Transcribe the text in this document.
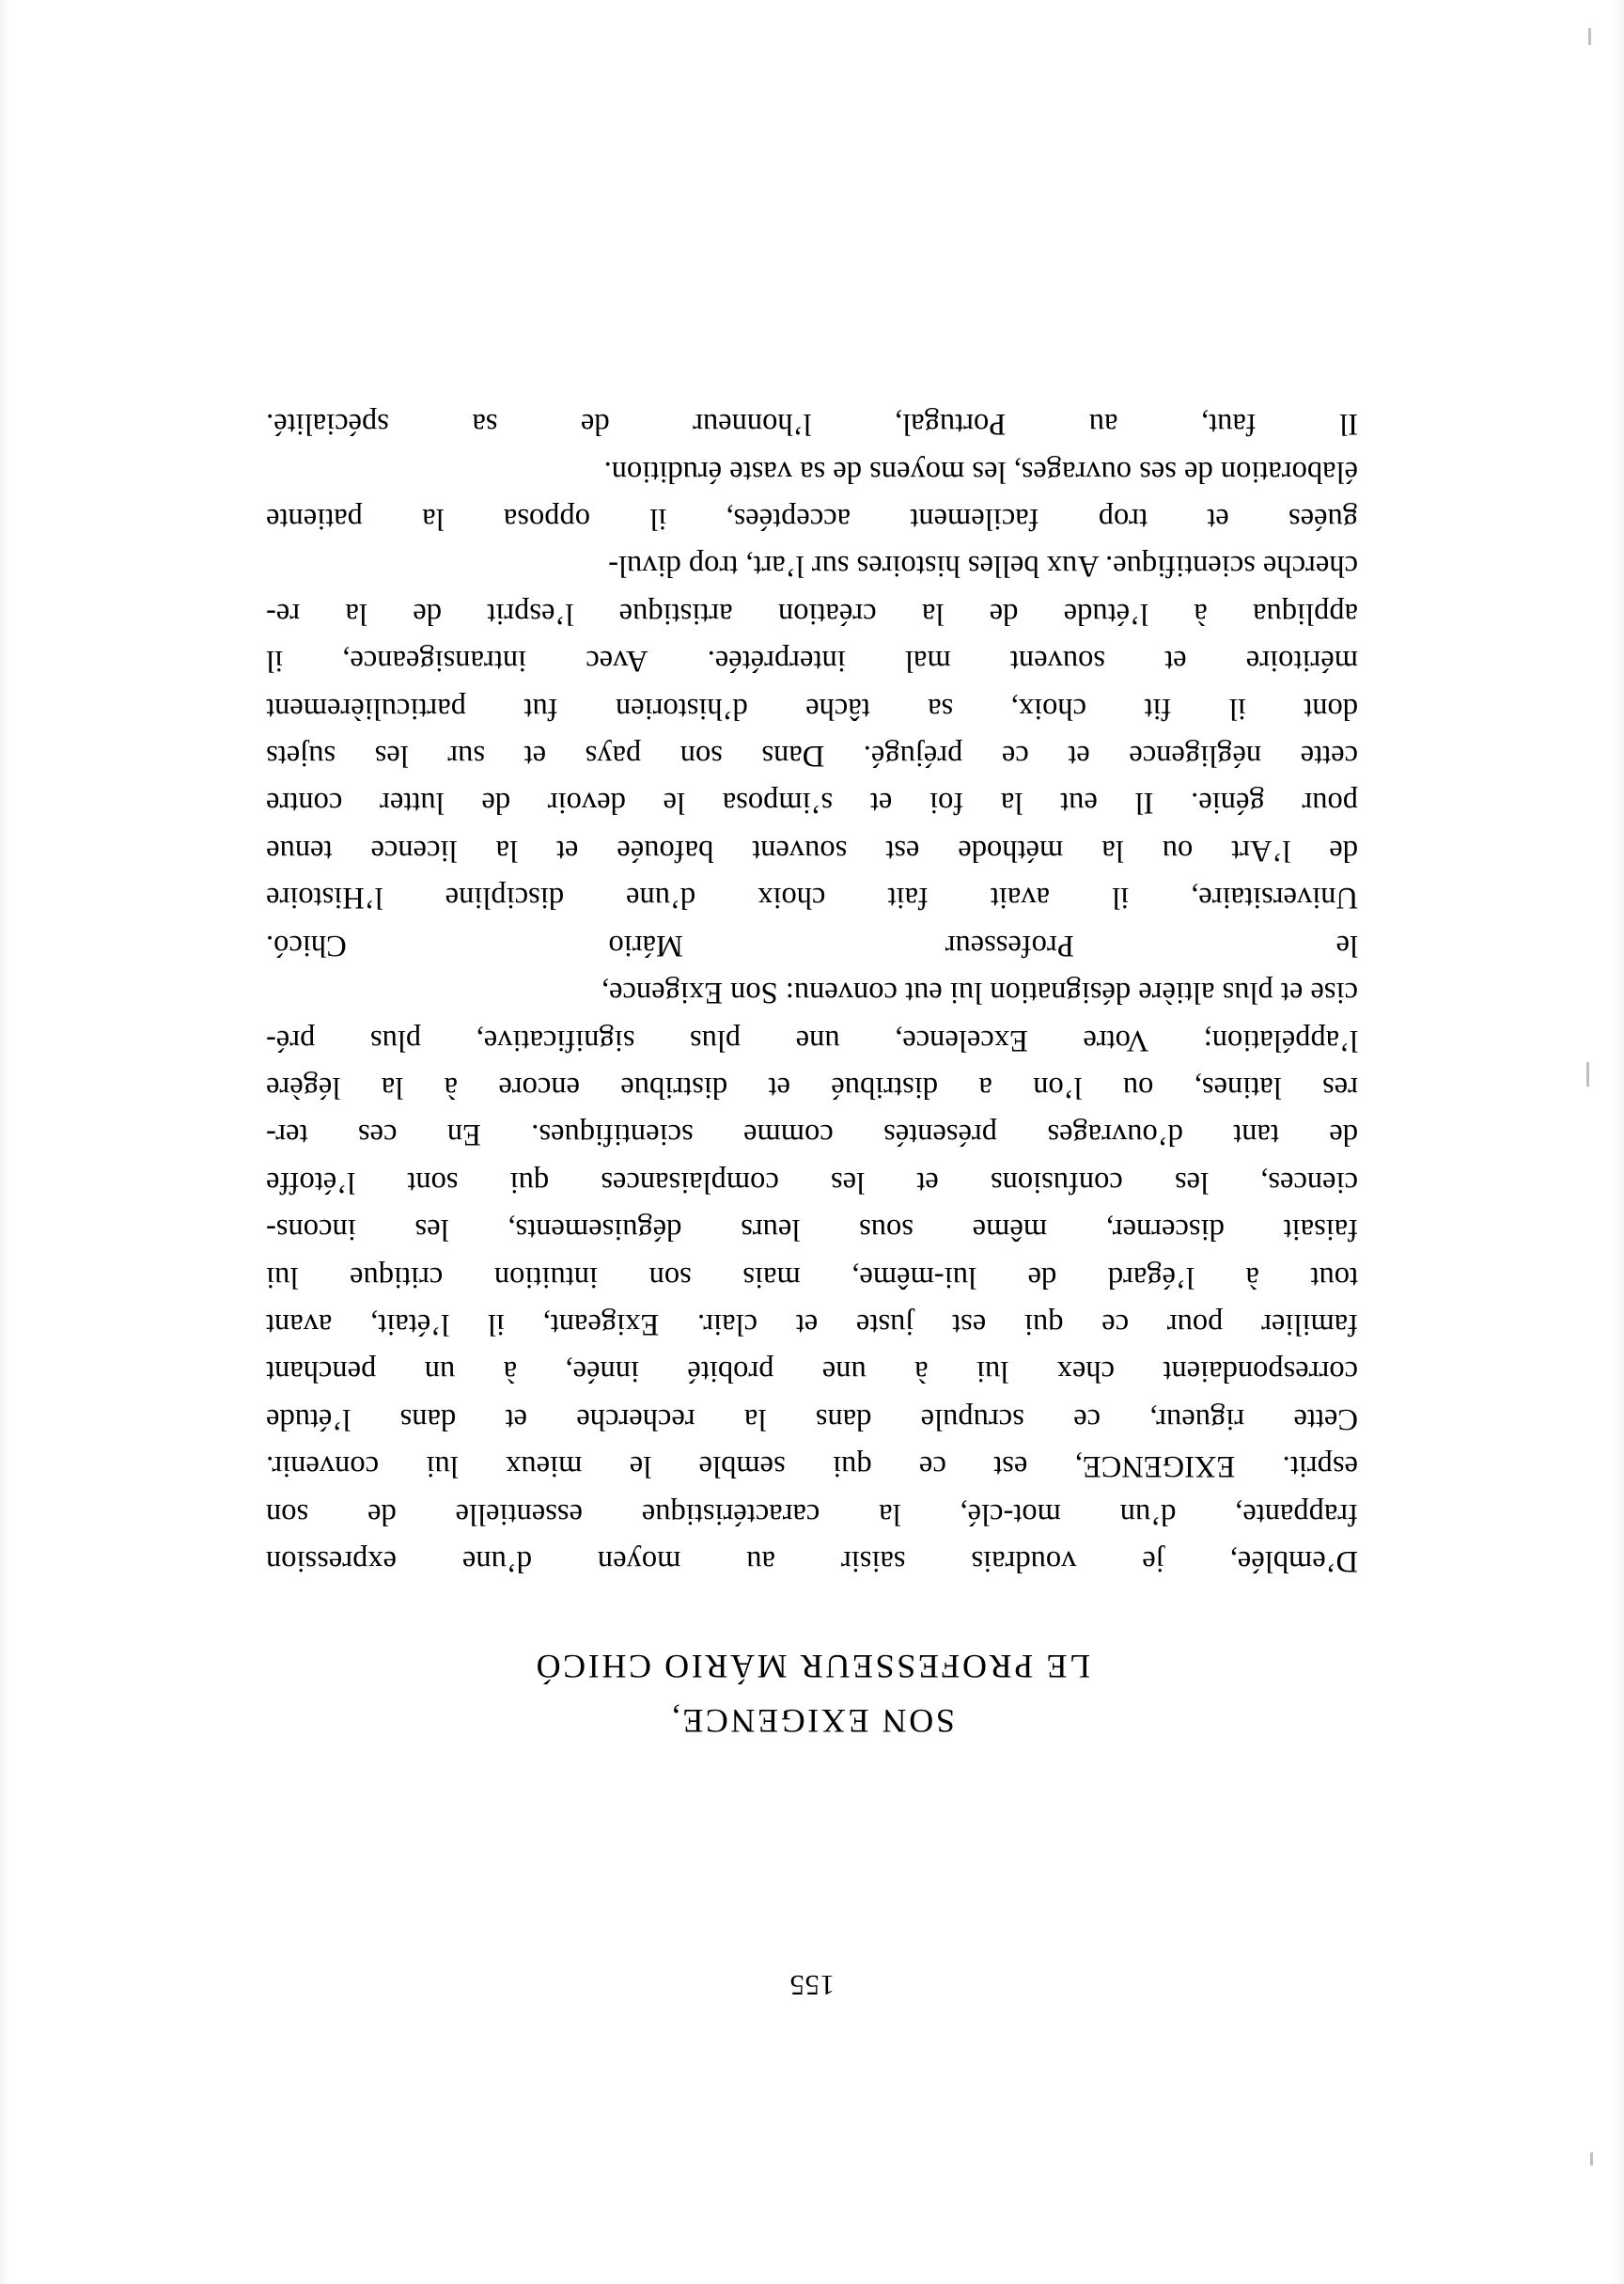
155
SON EXIGENCE,
LE PROFESSEUR MÁRIO CHICÓ
D’emblée,
je
voudrais
saisir
au
moyen
d’une
expression
frappante,
d’un
mot-clé,
la
caractéristique
essentielle
de
son
esprit.
EXIGENCE,
est
ce
qui
semble
le
mieux
lui
convenir.
Cette
rigueur,
ce
scrupule
dans
la
recherche
et
dans
l’étude
correspondaient
chex
lui
à
une
probité
innée,
à
un
penchant
familier
pour
ce
qui
est
juste
et
clair.
Exigeant,
il
l’était,
avant
tout
à
l’égard
de
lui-même,
mais
son
intuition
critique
lui
faisait
discerner,
même
sous
leurs
déguisements,
les
incons-
ciences,
les
confusions
et
les
complaisances
qui
sont
l’étoffe
de
tant
d’ouvrages
présentés
comme
scientifiques.
En
ces
ter-
res
latines,
ou
l’on
a
distribué
et
distribue
encore
à
la
légère
l’appélation;
Votre
Excelence,
une
plus
significative,
plus
pré-
cise et plus altière désignation lui eut convenu: Son Exigence,
le
Professeur
Mário
Chicó.
Universitaire,
il
avait
fait
choix
d’une
discipline
l’Histoire
de
l’Art
ou
la
méthode
est
souvent
bafouée
et
la
licence
tenue
pour
génie.
Il
eut
la
foi
et
s’imposa
le
devoir
de
lutter
contre
cette
négligence
et
ce
préjugé.
Dans
son
pays
et
sur
les
sujets
dont
il
fit
choix,
sa
tâche
d’historien
fut
particulièrement
méritoire
et
souvent
mal
interprétée.
Avec
intransigeance,
il
appliqua
à
l’étude
de
la
création
artistique
l’esprit
de
la
re-
cherche scientifique. Aux belles histoires sur l’art, trop divul-
guées
et
trop
facilement
acceptées,
il
opposa
la
patiente
élaboration de ses ouvrages, les moyens de sa vaste érudition.
Il
faut,
au
Portugal,
l’honneur
de
sa
spécialité.
